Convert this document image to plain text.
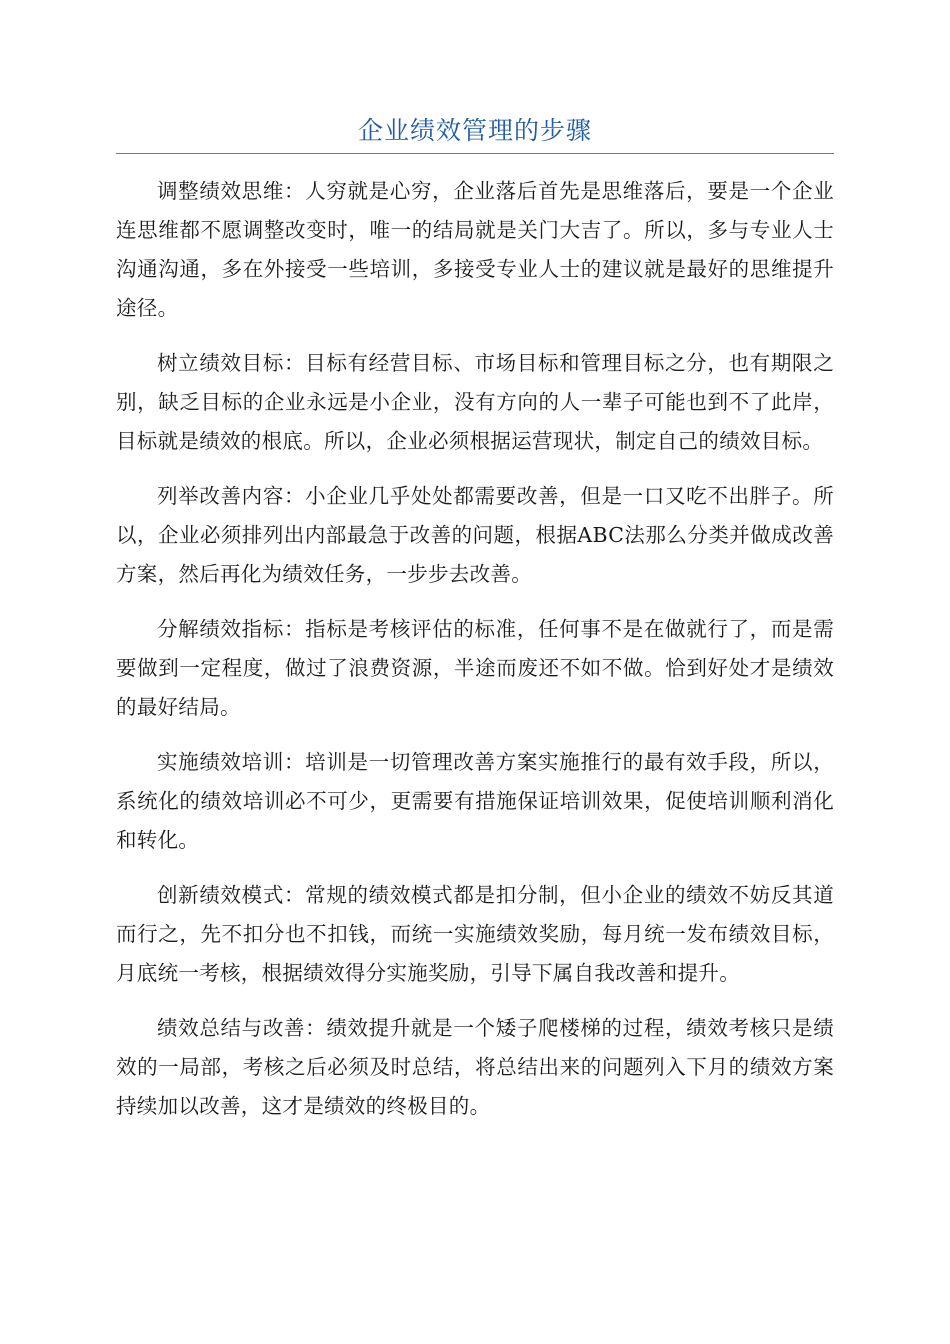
企业绩效管理的步骤

调整绩效思维：人穷就是心穷，企业落后首先是思维落后，要是一个企业连思维都不愿调整改变时，唯一的结局就是关门大吉了。所以，多与专业人士沟通沟通，多在外接受一些培训，多接受专业人士的建议就是最好的思维提升途径。

树立绩效目标：目标有经营目标、市场目标和管理目标之分，也有期限之别，缺乏目标的企业永远是小企业，没有方向的人一辈子可能也到不了此岸，目标就是绩效的根底。所以，企业必须根据运营现状，制定自己的绩效目标。

列举改善内容：小企业几乎处处都需要改善，但是一口又吃不出胖子。所以，企业必须排列出内部最急于改善的问题，根据ABC法那么分类并做成改善方案，然后再化为绩效任务，一步步去改善。

分解绩效指标：指标是考核评估的标准，任何事不是在做就行了，而是需要做到一定程度，做过了浪费资源，半途而废还不如不做。恰到好处才是绩效的最好结局。

实施绩效培训：培训是一切管理改善方案实施推行的最有效手段，所以，系统化的绩效培训必不可少，更需要有措施保证培训效果，促使培训顺利消化和转化。

创新绩效模式：常规的绩效模式都是扣分制，但小企业的绩效不妨反其道而行之，先不扣分也不扣钱，而统一实施绩效奖励，每月统一发布绩效目标，月底统一考核，根据绩效得分实施奖励，引导下属自我改善和提升。

绩效总结与改善：绩效提升就是一个矮子爬楼梯的过程，绩效考核只是绩效的一局部，考核之后必须及时总结，将总结出来的问题列入下月的绩效方案持续加以改善，这才是绩效的终极目的。
